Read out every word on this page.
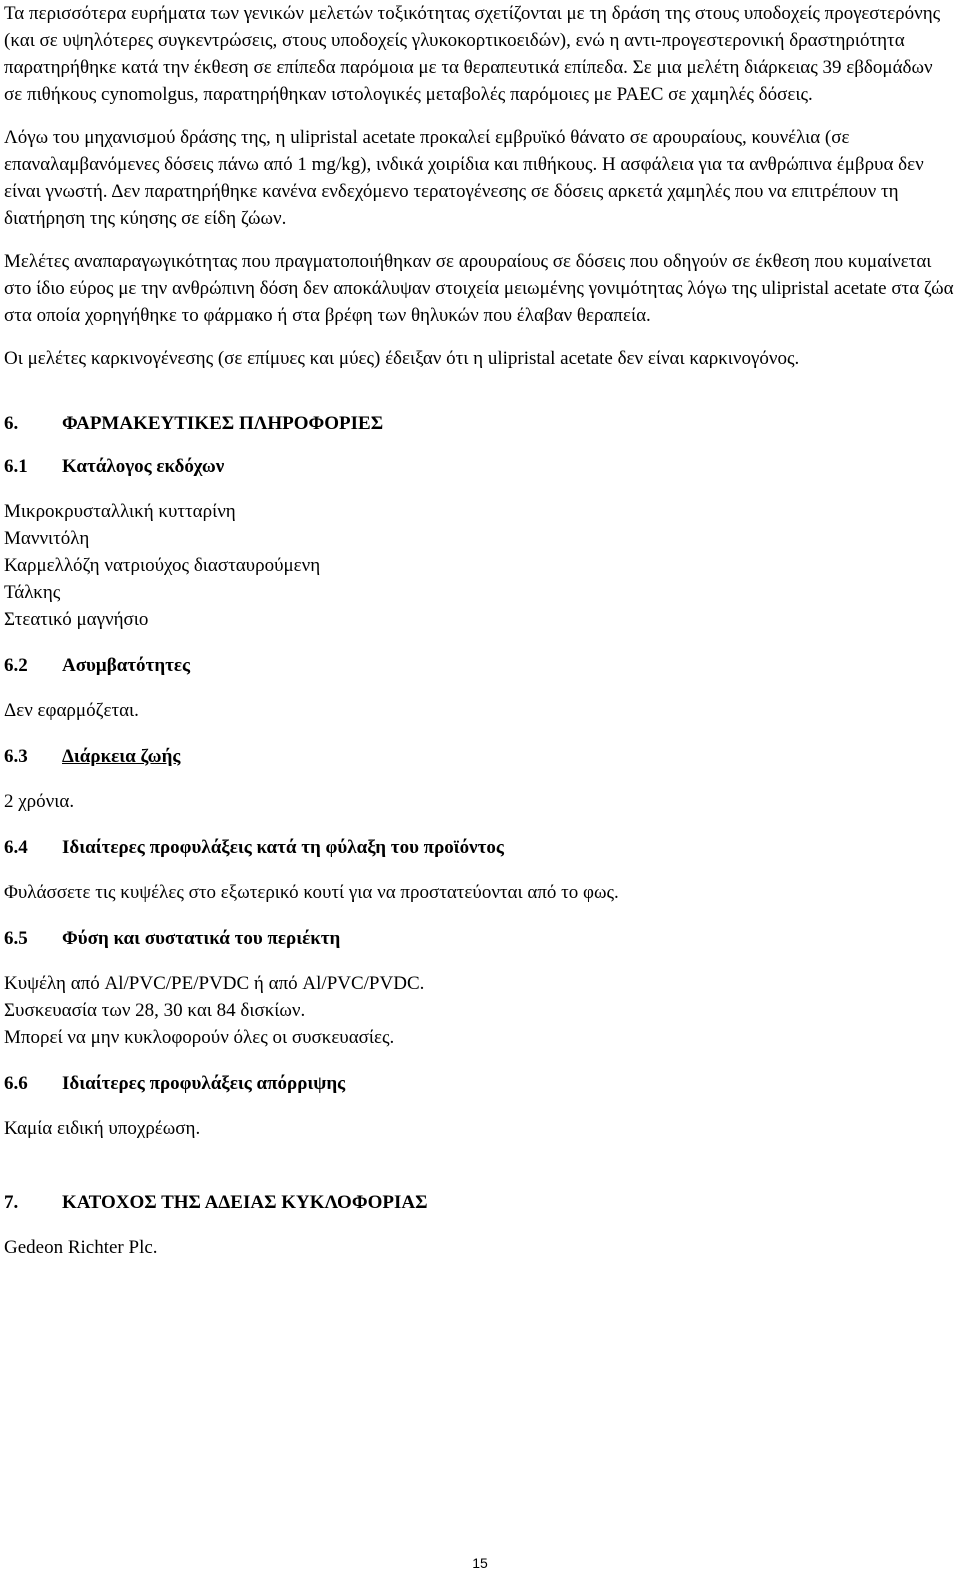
Τα περισσότερα ευρήματα των γενικών μελετών τοξικότητας σχετίζονται με τη δράση της στους υποδοχείς προγεστερόνης (και σε υψηλότερες συγκεντρώσεις, στους υποδοχείς γλυκοκορτικοειδών), ενώ η αντι-προγεστερονική δραστηριότητα παρατηρήθηκε κατά την έκθεση σε επίπεδα παρόμοια με τα θεραπευτικά επίπεδα. Σε μια μελέτη διάρκειας 39 εβδομάδων σε πιθήκους cynomolgus, παρατηρήθηκαν ιστολογικές μεταβολές παρόμοιες με PAEC σε χαμηλές δόσεις.

Λόγω του μηχανισμού δράσης της, η ulipristal acetate προκαλεί εμβρυϊκό θάνατο σε αρουραίους, κουνέλια (σε επαναλαμβανόμενες δόσεις πάνω από 1 mg/kg), ινδικά χοιρίδια και πιθήκους. Η ασφάλεια για τα ανθρώπινα έμβρυα δεν είναι γνωστή. Δεν παρατηρήθηκε κανένα ενδεχόμενο τερατογένεσης σε δόσεις αρκετά χαμηλές που να επιτρέπουν τη διατήρηση της κύησης σε είδη ζώων.

Μελέτες αναπαραγωγικότητας που πραγματοποιήθηκαν σε αρουραίους σε δόσεις που οδηγούν σε έκθεση που κυμαίνεται στο ίδιο εύρος με την ανθρώπινη δόση δεν αποκάλυψαν στοιχεία μειωμένης γονιμότητας λόγω της ulipristal acetate στα ζώα στα οποία χορηγήθηκε το φάρμακο ή στα βρέφη των θηλυκών που έλαβαν θεραπεία.

Οι μελέτες καρκινογένεσης (σε επίμυες και μύες) έδειξαν ότι η ulipristal acetate δεν είναι καρκινογόνος.

6. ΦΑΡΜΑΚΕΥΤΙΚΕΣ ΠΛΗΡΟΦΟΡΙΕΣ

6.1 Κατάλογος εκδόχων

Μικροκρυσταλλική κυτταρίνη

Μαννιτόλη

Καρμελλόζη νατριούχος διασταυρούμενη

Τάλκης

Στεατικό μαγνήσιο

6.2 Ασυμβατότητες

Δεν εφαρμόζεται.

6.3 Διάρκεια ζωής

2 χρόνια.

6.4 Ιδιαίτερες προφυλάξεις κατά τη φύλαξη του προϊόντος

Φυλάσσετε τις κυψέλες στο εξωτερικό κουτί για να προστατεύονται από το φως.

6.5 Φύση και συστατικά του περιέκτη

Κυψέλη από Al/PVC/PE/PVDC ή από Al/PVC/PVDC.

Συσκευασία των 28, 30 και 84 δισκίων.

Μπορεί να μην κυκλοφορούν όλες οι συσκευασίες.

6.6 Ιδιαίτερες προφυλάξεις απόρριψης

Καμία ειδική υποχρέωση.

7. ΚΑΤΟΧΟΣ ΤΗΣ ΑΔΕΙΑΣ ΚΥΚΛΟΦΟΡΙΑΣ

Gedeon Richter Plc.

15
